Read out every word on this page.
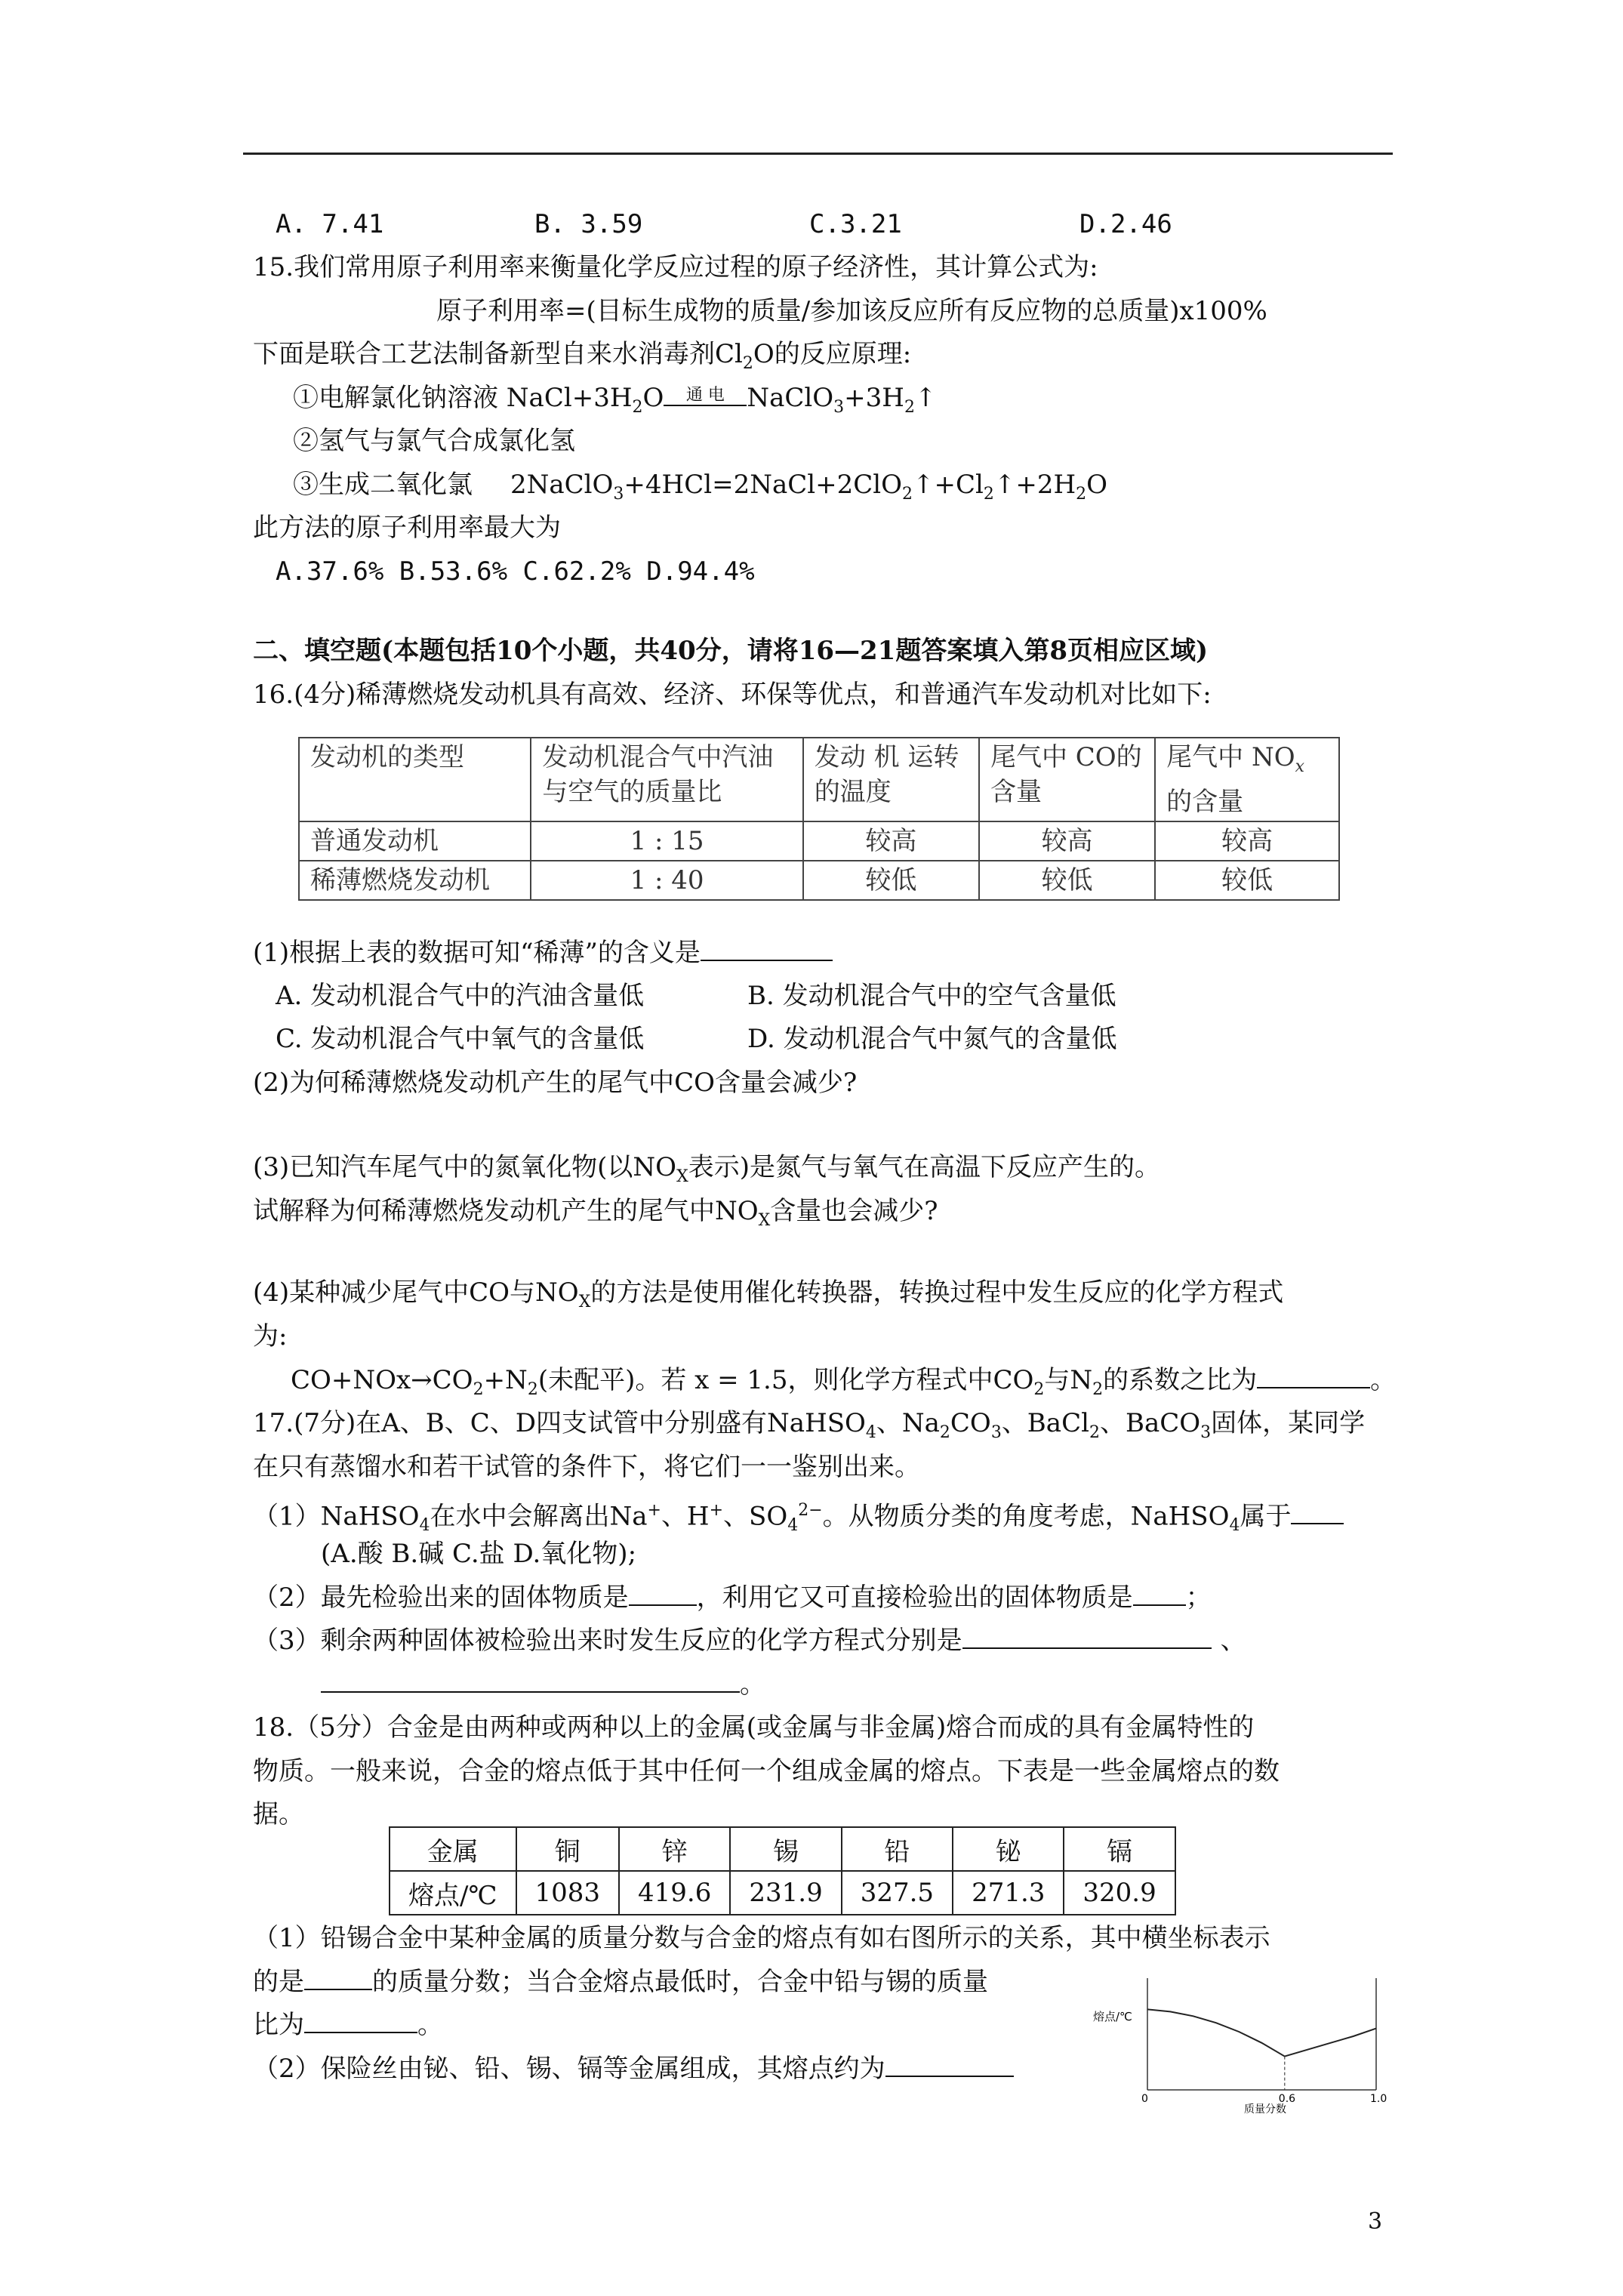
A. 7.41	B. 3.59	C.3.21	D.2.46
15.我们常用原子利用率来衡量化学反应过程的原子经济性，其计算公式为:
原子利用率=(目标生成物的质量/参加该反应所有反应物的总质量)x100%
下面是联合工艺法制备新型自来水消毒剂$Cl_2O$的反应原理:
①电解氯化钠溶液 $NaCl+3H_2O$	通 电 $NaClO_3+3H_2↑$
②氢气与氯气合成氯化氢
③生成二氧化氯 $2NaClO_3+4HCl=2NaCl+2ClO_2↑+Cl_2↑+2H_2O$
此方法的原子利用率最大为
A.37.6% B.53.6% C.62.2% D.94.4%
二、填空题(本题包括10个小题，共40分，请将16—21题答案填入第8页相应区域)
16.(4分)稀薄燃烧发动机具有高效、经济、环保等优点，和普通汽车发动机对比如下:
发动机的类型	发动机混合气中汽油与空气的质量比	发动 机 运转的温度	尾气中 CO的含量	尾气中 $NO_x$
的含量
普通发动机	1 : 15	较高	较高	较高
稀薄燃烧发动机	1 : 40	较低	较低	较低
(1)根据上表的数据可知“稀薄”的含义是
A. 发动机混合气中的汽油含量低	B. 发动机混合气中的空气含量低
C. 发动机混合气中氧气的含量低	D. 发动机混合气中氮气的含量低
(2)为何稀薄燃烧发动机产生的尾气中CO含量会减少?
(3)已知汽车尾气中的氮氧化物(以$NO_X$表示)是氮气与氧气在高温下反应产生的。
试解释为何稀薄燃烧发动机产生的尾气中$NO_X$含量也会减少?
(4)某种减少尾气中CO与$NO_X$的方法是使用催化转换器，转换过程中发生反应的化学方程式
为:
$CO+NOx\to CO_2+N_2$(未配平)。若 x = 1.5，则化学方程式中$CO_2$与$N_2$的系数之比为	。
17.(7分)在A、B、C、D四支试管中分别盛有NaHSO$_4$、$Na_2CO_3$、BaCl$_2$、BaCO$_3$固体，某同学
在只有蒸馏水和若干试管的条件下，将它们一一鉴别出来。
（1）NaHSO$_4$在水中会解离出Na+、H+、$SO_4^{2-}$。从物质分类的角度考虑，NaHSO$_4$属于
(A.酸 B.碱 C.盐 D.氧化物);
（2）最先检验出来的固体物质是	，利用它又可直接检验出的固体物质是 ；
（3）剩余两种固体被检验出来时发生反应的化学方程式分别是	、
。
18.（5分）合金是由两种或两种以上的金属(或金属与非金属)熔合而成的具有金属特性的
物质。一般来说，合金的熔点低于其中任何一个组成金属的熔点。下表是一些金属熔点的数
据。
金属	铜	锌	锡	铅	铋	镉
熔点/℃	1083	419.6	231.9	327.5	271.3	320.9
（1）铅锡合金中某种金属的质量分数与合金的熔点有如右图所示的关系，其中横坐标表示
的是	的质量分数；当合金熔点最低时，合金中铅与锡的质量
比为	。
（2）保险丝由铋、铅、锡、镉等金属组成，其熔点约为
熔点/℃
0	0.6	1.0
质量分数
3
